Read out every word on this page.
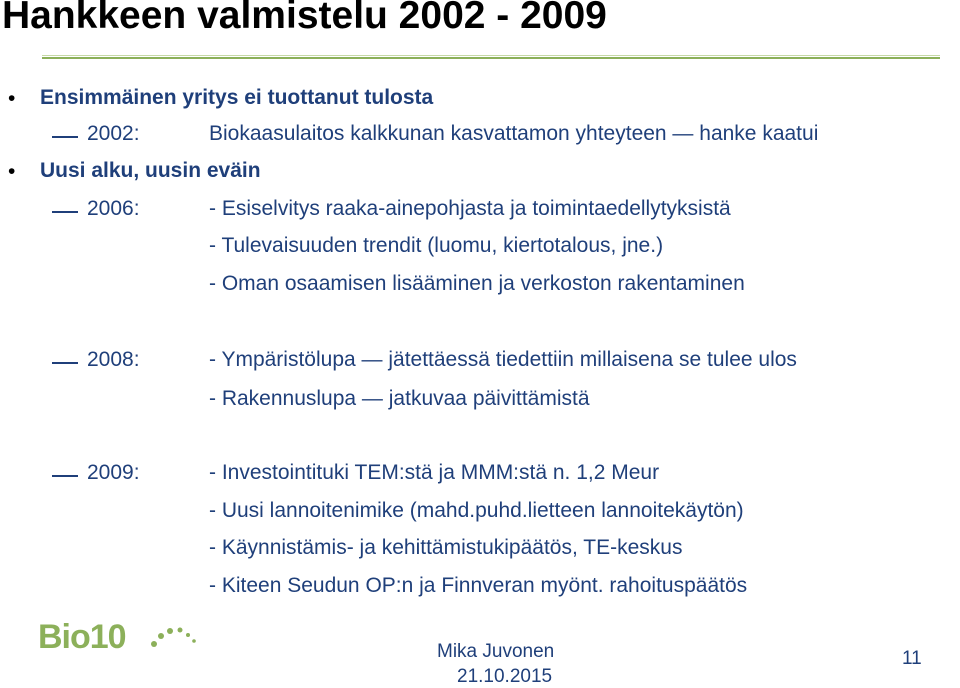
Hankkeen valmistelu 2002 - 2009
• Ensimmäinen yritys ei tuottanut tulosta
2002:	Biokaasulaitos kalkkunan kasvattamon yhteyteen ― hanke kaatui
• Uusi alku, uusin eväin
2006:	- Esiselvitys raaka-ainepohjasta ja toimintaedellytyksistä
- Tulevaisuuden trendit (luomu, kiertotalous, jne.)
- Oman osaamisen lisääminen ja verkoston rakentaminen
2008:	- Ympäristölupa ― jätettäessä tiedettiin millaisena se tulee ulos
- Rakennuslupa ― jatkuvaa päivittämistä
2009:	- Investointituki TEM:stä ja MMM:stä n. 1,2 Meur
- Uusi lannoitenimike (mahd.puhd.lietteen lannoitekäytön)
- Käynnistämis- ja kehittämistukipäätös, TE-keskus
- Kiteen Seudun OP:n ja Finnveran myönt. rahoituspäätös
Bio10	Mika Juvonen
21.10.2015
11
